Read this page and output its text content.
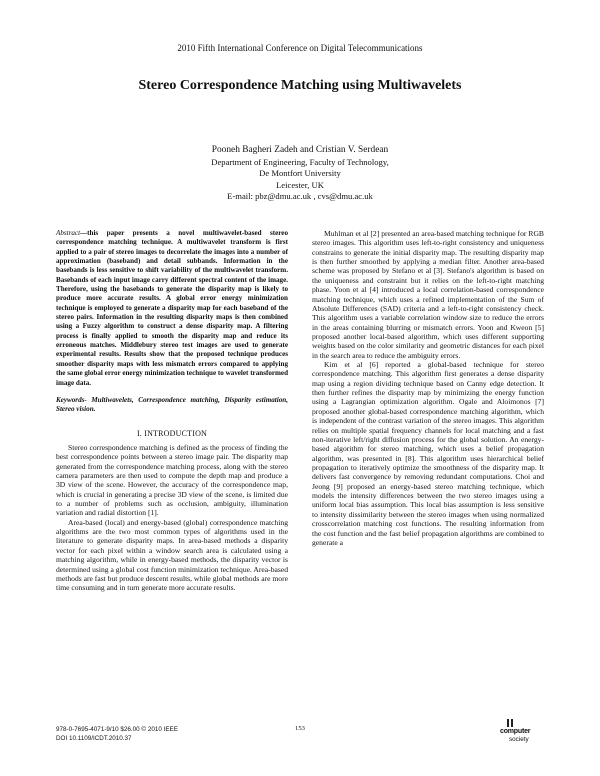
2010 Fifth International Conference on Digital Telecommunications
Stereo Correspondence Matching using Multiwavelets
Pooneh Bagheri Zadeh and Cristian V. Serdean
Department of Engineering, Faculty of Technology,
De Montfort University
Leicester, UK
E-mail: pbz@dmu.ac.uk , cvs@dmu.ac.uk

Abstract—this paper presents a novel multiwavelet-based stereo correspondence matching technique. A multiwavelet transform is first applied to a pair of stereo images to decorrelate the images into a number of approximation (baseband) and detail subbands. Information in the basebands is less sensitive to shift variability of the multiwavelet transform. Basebands of each input image carry different spectral content of the image. Therefore, using the basebands to generate the disparity map is likely to produce more accurate results. A global error energy minimization technique is employed to generate a disparity map for each baseband of the stereo pairs. Information in the resulting disparity maps is then combined using a Fuzzy algorithm to construct a dense disparity map. A filtering process is finally applied to smooth the disparity map and reduce its erroneous matches. Middlebury stereo test images are used to generate experimental results. Results show that the proposed technique produces smoother disparity maps with less mismatch errors compared to applying the same global error energy minimization technique to wavelet transformed image data.

Keywords- Multiwavelets, Correspondence matching, Disparity estimation, Stereo vision.

I. INTRODUCTION

Stereo correspondence matching is defined as the process of finding the best correspondence points between a stereo image pair. The disparity map generated from the correspondence matching process, along with the stereo camera parameters are then used to compute the depth map and produce a 3D view of the scene. However, the accuracy of the correspondence map, which is crucial in generating a precise 3D view of the scene, is limited due to a number of problems such as occlusion, ambiguity, illumination variation and radial distortion [1].

Area-based (local) and energy-based (global) correspondence matching algorithms are the two most common types of algorithms used in the literature to generate disparity maps. In area-based methods a disparity vector for each pixel within a window search area is calculated using a matching algorithm, while in energy-based methods, the disparity vector is determined using a global cost function minimization technique. Area-based methods are fast but produce descent results, while global methods are more time consuming and in turn generate more accurate results.

Muhlman et al [2] presented an area-based matching technique for RGB stereo images. This algorithm uses left-to-right consistency and uniqueness constrains to generate the initial disparity map. The resulting disparity map is then further smoothed by applying a median filter. Another area-based scheme was proposed by Stefano et al [3]. Stefano's algorithm is based on the uniqueness and constraint but it relies on the left-to-right matching phase. Yoon et al [4] introduced a local correlation-based correspondence matching technique, which uses a refined implementation of the Sum of Absolute Differences (SAD) criteria and a left-to-right consistency check. This algorithm uses a variable correlation window size to reduce the errors in the areas containing blurring or mismatch errors. Yoon and Kweon [5] proposed another local-based algorithm, which uses different supporting weights based on the color similarity and geometric distances for each pixel in the search area to reduce the ambiguity errors.

Kim et al [6] reported a global-based technique for stereo correspondence matching. This algorithm first generates a dense disparity map using a region dividing technique based on Canny edge detection. It then further refines the disparity map by minimizing the energy function using a Lagrangian optimization algorithm. Ogale and Aloimonos [7] proposed another global-based correspondence matching algorithm, which is independent of the contrast variation of the stereo images. This algorithm relies on multiple spatial frequency channels for local matching and a fast non-iterative left/right diffusion process for the global solution. An energy-based algorithm for stereo matching, which uses a belief propagation algorithm, was presented in [8]. This algorithm uses hierarchical belief propagation to iteratively optimize the smoothness of the disparity map. It delivers fast convergence by removing redundant computations. Choi and Jeong [9] proposed an energy-based stereo matching technique, which models the intensity differences between the two stereo images using a uniform local bias assumption. This local bias assumption is less sensitive to intensity dissimilarity between the stereo images when using normalized crosscorrelation matching cost functions. The resulting information from the cost function and the fast belief propagation algorithms are combined to generate a

978-0-7695-4071-9/10 $26.00 © 2010 IEEE
DOI 10.1109/ICDT.2010.37
153	computer
society
